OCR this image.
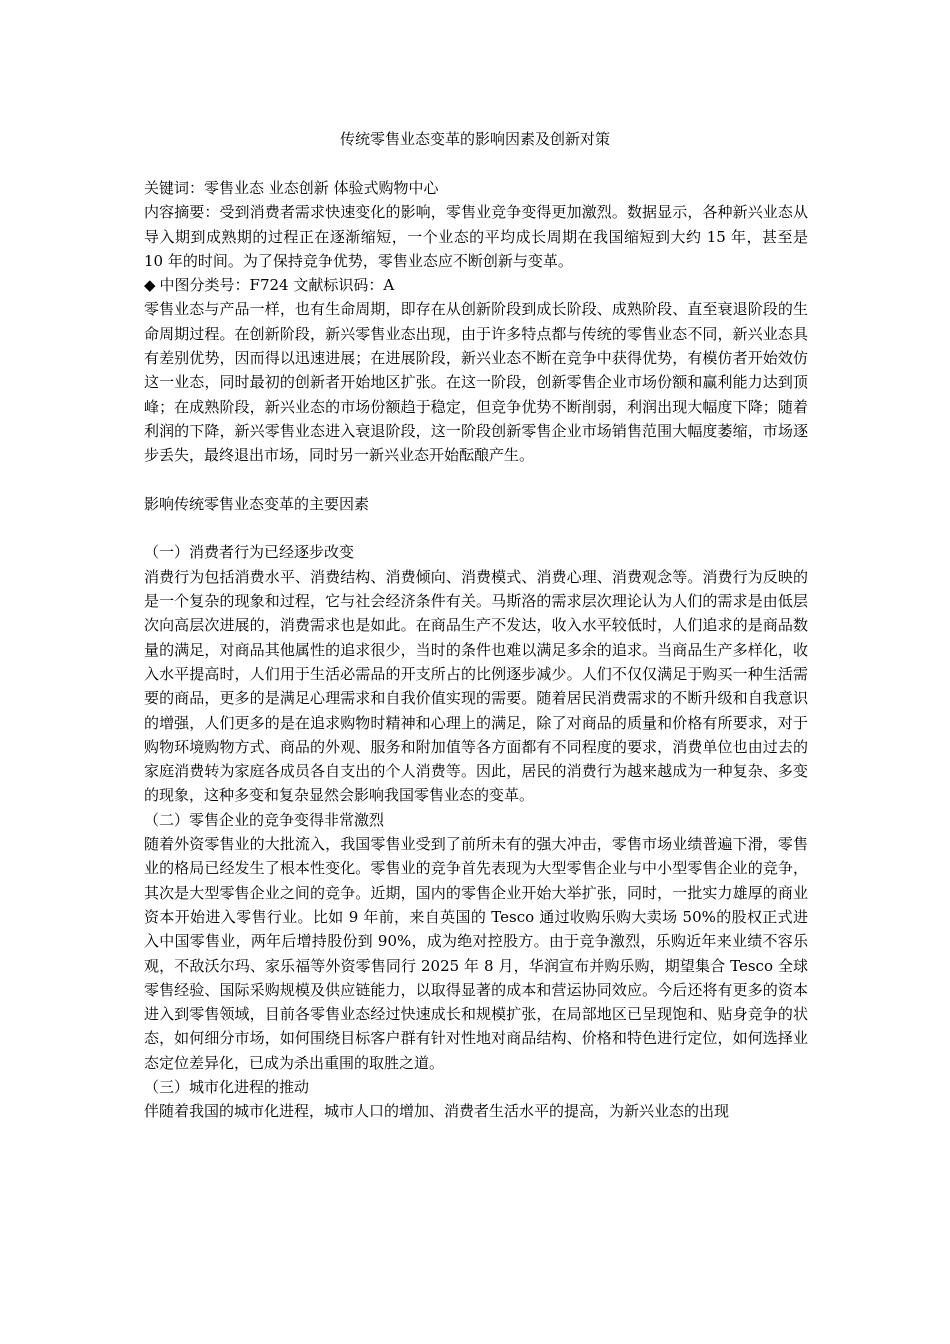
传统零售业态变革的影响因素及创新对策

关键词：零售业态 业态创新 体验式购物中心

内容摘要：受到消费者需求快速变化的影响，零售业竞争变得更加激烈。数据显示，各种新兴业态从导入期到成熟期的过程正在逐渐缩短，一个业态的平均成长周期在我国缩短到大约 15 年，甚至是 10 年的时间。为了保持竞争优势，零售业态应不断创新与变革。

◆ 中图分类号：F724 文献标识码：A

零售业态与产品一样，也有生命周期，即存在从创新阶段到成长阶段、成熟阶段、直至衰退阶段的生命周期过程。在创新阶段，新兴零售业态出现，由于许多特点都与传统的零售业态不同，新兴业态具有差别优势，因而得以迅速进展；在进展阶段，新兴业态不断在竞争中获得优势，有模仿者开始效仿这一业态，同时最初的创新者开始地区扩张。在这一阶段，创新零售企业市场份额和赢利能力达到顶峰；在成熟阶段，新兴业态的市场份额趋于稳定，但竞争优势不断削弱，利润出现大幅度下降；随着利润的下降，新兴零售业态进入衰退阶段，这一阶段创新零售企业市场销售范围大幅度萎缩，市场逐步丢失，最终退出市场，同时另一新兴业态开始酝酿产生。

影响传统零售业态变革的主要因素

（一）消费者行为已经逐步改变

消费行为包括消费水平、消费结构、消费倾向、消费模式、消费心理、消费观念等。消费行为反映的是一个复杂的现象和过程，它与社会经济条件有关。马斯洛的需求层次理论认为人们的需求是由低层次向高层次进展的，消费需求也是如此。在商品生产不发达，收入水平较低时，人们追求的是商品数量的满足，对商品其他属性的追求很少，当时的条件也难以满足多余的追求。当商品生产多样化，收入水平提高时，人们用于生活必需品的开支所占的比例逐步减少。人们不仅仅满足于购买一种生活需要的商品，更多的是满足心理需求和自我价值实现的需要。随着居民消费需求的不断升级和自我意识的增强，人们更多的是在追求购物时精神和心理上的满足，除了对商品的质量和价格有所要求，对于购物环境购物方式、商品的外观、服务和附加值等各方面都有不同程度的要求，消费单位也由过去的家庭消费转为家庭各成员各自支出的个人消费等。因此，居民的消费行为越来越成为一种复杂、多变的现象，这种多变和复杂显然会影响我国零售业态的变革。

（二）零售企业的竞争变得非常激烈

随着外资零售业的大批流入，我国零售业受到了前所未有的强大冲击，零售市场业绩普遍下滑，零售业的格局已经发生了根本性变化。零售业的竞争首先表现为大型零售企业与中小型零售企业的竞争，其次是大型零售企业之间的竞争。近期，国内的零售企业开始大举扩张，同时，一批实力雄厚的商业资本开始进入零售行业。比如 9 年前，来自英国的 Tesco 通过收购乐购大卖场 50%的股权正式进入中国零售业，两年后增持股份到 90%，成为绝对控股方。由于竞争激烈，乐购近年来业绩不容乐观，不敌沃尔玛、家乐福等外资零售同行 2025 年 8 月，华润宣布并购乐购，期望集合 Tesco 全球零售经验、国际采购规模及供应链能力，以取得显著的成本和营运协同效应。今后还将有更多的资本进入到零售领域，目前各零售业态经过快速成长和规模扩张，在局部地区已呈现饱和、贴身竞争的状态，如何细分市场，如何围绕目标客户群有针对性地对商品结构、价格和特色进行定位，如何选择业态定位差异化，已成为杀出重围的取胜之道。

（三）城市化进程的推动

伴随着我国的城市化进程，城市人口的增加、消费者生活水平的提高，为新兴业态的出现
